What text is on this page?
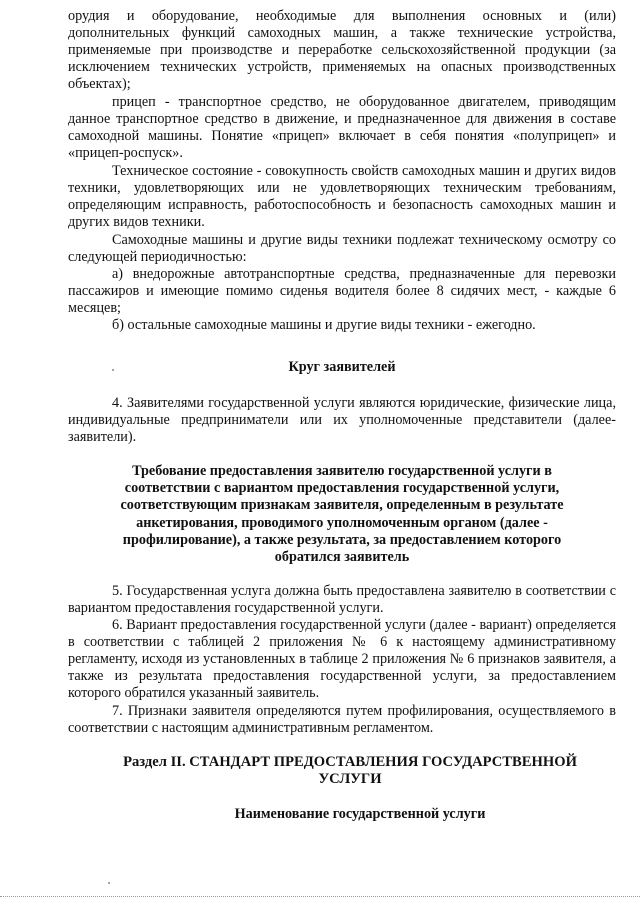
орудия и оборудование, необходимые для выполнения основных и (или)
дополнительных функций самоходных машин, а также технические устройства,
применяемые при производстве и переработке сельскохозяйственной продукции (за
исключением технических устройств, применяемых на опасных производственных
объектах);
прицеп - транспортное средство, не оборудованное двигателем, приводящим данное транспортное средство в движение, и предназначенное для движения в составе самоходной машины. Понятие «прицеп» включает в себя понятия «полуприцеп» и «прицеп-роспуск».
Техническое состояние - совокупность свойств самоходных машин и других видов техники, удовлетворяющих или не удовлетворяющих техническим требованиям, определяющим исправность, работоспособность и безопасность самоходных машин и других видов техники.
Самоходные машины и другие виды техники подлежат техническому осмотру со следующей периодичностью:
а) внедорожные автотранспортные средства, предназначенные для перевозки пассажиров и имеющие помимо сиденья водителя более 8 сидячих мест, - каждые 6 месяцев;
б) остальные самоходные машины и другие виды техники - ежегодно.
Круг заявителей
4. Заявителями государственной услуги являются юридические, физические лица, индивидуальные предприниматели или их уполномоченные представители (далее-заявители).
Требование предоставления заявителю государственной услуги в соответствии с вариантом предоставления государственной услуги, соответствующим признакам заявителя, определенным в результате анкетирования, проводимого уполномоченным органом (далее - профилирование), а также результата, за предоставлением которого обратился заявитель
5. Государственная услуга должна быть предоставлена заявителю в соответствии с вариантом предоставления государственной услуги.
6. Вариант предоставления государственной услуги (далее - вариант) определяется в соответствии с таблицей 2 приложения № 6 к настоящему административному регламенту, исходя из установленных в таблице 2 приложения № 6 признаков заявителя, а также из результата предоставления государственной услуги, за предоставлением которого обратился указанный заявитель.
7. Признаки заявителя определяются путем профилирования, осуществляемого в соответствии с настоящим административным регламентом.
Раздел II. СТАНДАРТ ПРЕДОСТАВЛЕНИЯ ГОСУДАРСТВЕННОЙ УСЛУГИ
Наименование государственной услуги
